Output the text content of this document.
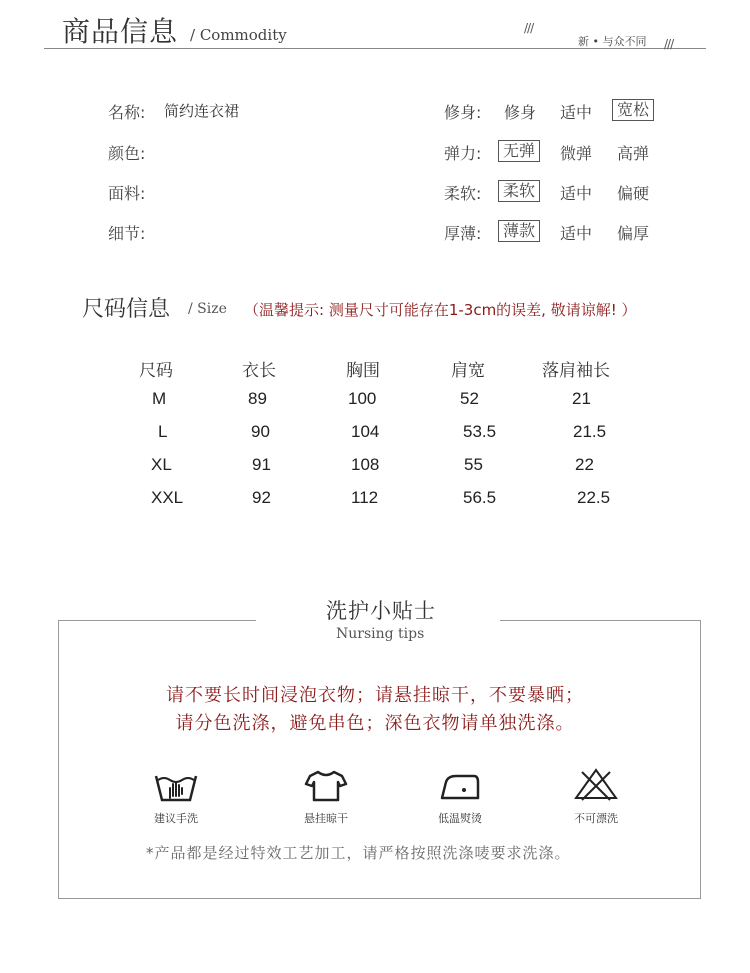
商品信息 / Commodity	///
新 • 与众不同 ///
名称: 简约连衣裙
颜色:
面料:
细节:
修身: 修身 适中	宽松
弹力:	无弹	微弹 高弹
柔软:	柔软	适中 偏硬
厚薄:	薄款	适中 偏厚
尺码信息 / Size （温馨提示: 测量尺寸可能存在1-3cm的误差, 敬请谅解! ）
尺码	衣长	胸围	肩宽	落肩袖长
M	89	100	52	21
L	90	104	53.5	21.5
XL	91	108	55	22
XXL	92	112	56.5	22.5
洗护小贴士
Nursing tips
请不要长时间浸泡衣物；请悬挂晾干，不要暴晒；
请分色洗涤，避免串色；深色衣物请单独洗涤。
建议手洗	悬挂晾干	低温熨烫	不可漂洗
*产品都是经过特效工艺加工，请严格按照洗涤唛要求洗涤。
